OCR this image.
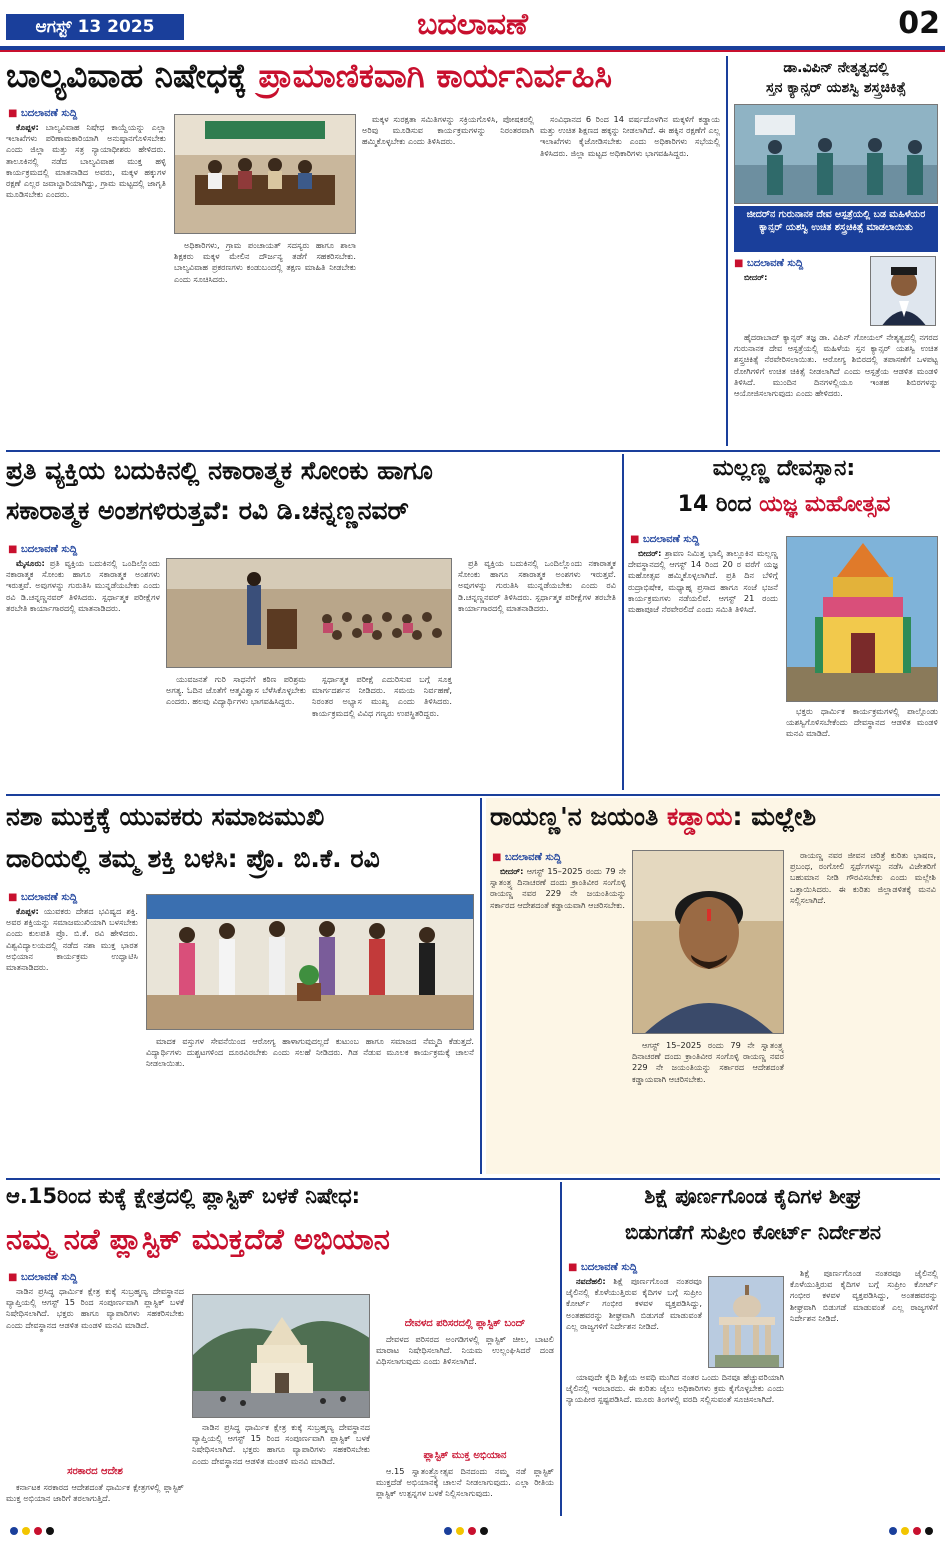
ಆಗಸ್ಟ್ 13 2025	ಬದಲಾವಣೆ	02
ಬಾಲ್ಯವಿವಾಹ ನಿಷೇಧಕ್ಕೆ ಪ್ರಾಮಾಣಿಕವಾಗಿ ಕಾರ್ಯನಿರ್ವಹಿಸಿ
■ ಬದಲಾವಣೆ ಸುದ್ದಿ

ಕೊಪ್ಪಳ: ಬಾಲ್ಯವಿವಾಹ ನಿಷೇಧ ಕಾಯ್ದೆಯನ್ನು ಎಲ್ಲಾ ಇಲಾಖೆಗಳು ಪರಿಣಾಮಕಾರಿಯಾಗಿ ಅನುಷ್ಠಾನಗೊಳಿಸಬೇಕು ಎಂದು ಜಿಲ್ಲಾ ಮತ್ತು ಸತ್ರ ನ್ಯಾಯಾಧೀಶರು ಹೇಳಿದರು. ತಾಲೂಕಿನಲ್ಲಿ ನಡೆದ ಬಾಲ್ಯವಿವಾಹ ಮುಕ್ತ ಹಳ್ಳಿ ಕಾರ್ಯಕ್ರಮದಲ್ಲಿ ಮಾತನಾಡಿದ ಅವರು, ಮಕ್ಕಳ ಹಕ್ಕುಗಳ ರಕ್ಷಣೆ ಎಲ್ಲರ ಜವಾಬ್ದಾರಿಯಾಗಿದ್ದು, ಗ್ರಾಮ ಮಟ್ಟದಲ್ಲಿ ಜಾಗೃತಿ ಮೂಡಿಸಬೇಕು ಎಂದರು.

ಅಧಿಕಾರಿಗಳು, ಗ್ರಾಮ ಪಂಚಾಯತ್ ಸದಸ್ಯರು ಹಾಗೂ ಶಾಲಾ ಶಿಕ್ಷಕರು ಮಕ್ಕಳ ಮೇಲಿನ ದೌರ್ಜನ್ಯ ತಡೆಗೆ ಸಹಕರಿಸಬೇಕು. ಬಾಲ್ಯವಿವಾಹ ಪ್ರಕರಣಗಳು ಕಂಡುಬಂದಲ್ಲಿ ತಕ್ಷಣ ಮಾಹಿತಿ ನೀಡಬೇಕು ಎಂದು ಸೂಚಿಸಿದರು.

ಮಕ್ಕಳ ಸುರಕ್ಷತಾ ಸಮಿತಿಗಳನ್ನು ಸಕ್ರಿಯಗೊಳಿಸಿ, ಪೋಷಕರಲ್ಲಿ ಅರಿವು ಮೂಡಿಸುವ ಕಾರ್ಯಕ್ರಮಗಳನ್ನು ನಿರಂತರವಾಗಿ ಹಮ್ಮಿಕೊಳ್ಳಬೇಕು ಎಂದು ತಿಳಿಸಿದರು.

ಸಂವಿಧಾನದ 6 ರಿಂದ 14 ವರ್ಷದೊಳಗಿನ ಮಕ್ಕಳಿಗೆ ಕಡ್ಡಾಯ ಮತ್ತು ಉಚಿತ ಶಿಕ್ಷಣದ ಹಕ್ಕನ್ನು ನೀಡಲಾಗಿದೆ. ಈ ಹಕ್ಕಿನ ರಕ್ಷಣೆಗೆ ಎಲ್ಲ ಇಲಾಖೆಗಳು ಕೈಜೋಡಿಸಬೇಕು ಎಂದು ಅಧಿಕಾರಿಗಳು ಸಭೆಯಲ್ಲಿ ತಿಳಿಸಿದರು. ಜಿಲ್ಲಾ ಮಟ್ಟದ ಅಧಿಕಾರಿಗಳು ಭಾಗವಹಿಸಿದ್ದರು.

ಡಾ.ವಿಪಿನ್ ನೇತೃತ್ವದಲ್ಲಿ
ಸ್ತನ ಕ್ಯಾನ್ಸರ್ ಯಶಸ್ವಿ ಶಸ್ತ್ರಚಿಕಿತ್ಸೆ
ಜೀದರ್‌ನ ಗುರುನಾನಕ ದೇವ ಆಸ್ಪತ್ರೆಯಲ್ಲಿ ಬಡ ಮಹಿಳೆಯರ ಕ್ಯಾನ್ಸರ್ ಯಶಸ್ವಿ ಉಚಿತ ಶಸ್ತ್ರಚಿಕಿತ್ಸೆ ಮಾಡಲಾಯಿತು
■ ಬದಲಾವಣೆ ಸುದ್ದಿ

ಬೀದರ್:

ಹೈದರಾಬಾದ್ ಕ್ಯಾನ್ಸರ್ ತಜ್ಞ ಡಾ. ವಿಪಿನ್ ಗೋಯಲ್ ನೇತೃತ್ವದಲ್ಲಿ ನಗರದ ಗುರುನಾನಕ ದೇವ ಆಸ್ಪತ್ರೆಯಲ್ಲಿ ಮಹಿಳೆಯ ಸ್ತನ ಕ್ಯಾನ್ಸರ್ ಯಶಸ್ವಿ ಉಚಿತ ಶಸ್ತ್ರಚಿಕಿತ್ಸೆ ನೆರವೇರಿಸಲಾಯಿತು. ಆರೋಗ್ಯ ಶಿಬಿರದಲ್ಲಿ ತಪಾಸಣೆಗೆ ಒಳಪಟ್ಟ ರೋಗಿಗಳಿಗೆ ಉಚಿತ ಚಿಕಿತ್ಸೆ ನೀಡಲಾಗಿದೆ ಎಂದು ಆಸ್ಪತ್ರೆಯ ಆಡಳಿತ ಮಂಡಳಿ ತಿಳಿಸಿದೆ. ಮುಂದಿನ ದಿನಗಳಲ್ಲಿಯೂ ಇಂತಹ ಶಿಬಿರಗಳನ್ನು ಆಯೋಜಿಸಲಾಗುವುದು ಎಂದು ಹೇಳಿದರು.

ಪ್ರತಿ ವ್ಯಕ್ತಿಯ ಬದುಕಿನಲ್ಲಿ ನಕಾರಾತ್ಮಕ ಸೋಂಕು ಹಾಗೂ
ಸಕಾರಾತ್ಮಕ ಅಂಶಗಳಿರುತ್ತವೆ: ರವಿ ಡಿ.ಚನ್ನಣ್ಣನವರ್
■ ಬದಲಾವಣೆ ಸುದ್ದಿ

ಮೈಸೂರು: ಪ್ರತಿ ವ್ಯಕ್ತಿಯ ಬದುಕಿನಲ್ಲಿ ಒಂದಿಲ್ಲೊಂದು ನಕಾರಾತ್ಮಕ ಸೋಂಕು ಹಾಗೂ ಸಕಾರಾತ್ಮಕ ಅಂಶಗಳು ಇರುತ್ತವೆ. ಅವುಗಳನ್ನು ಗುರುತಿಸಿ ಮುನ್ನಡೆಯಬೇಕು ಎಂದು ರವಿ ಡಿ.ಚನ್ನಣ್ಣನವರ್ ತಿಳಿಸಿದರು. ಸ್ಪರ್ಧಾತ್ಮಕ ಪರೀಕ್ಷೆಗಳ ತರಬೇತಿ ಕಾರ್ಯಾಗಾರದಲ್ಲಿ ಮಾತನಾಡಿದರು.

ಯುವಜನತೆ ಗುರಿ ಸಾಧನೆಗೆ ಕಠಿಣ ಪರಿಶ್ರಮ ಅಗತ್ಯ. ಓದಿನ ಜೊತೆಗೆ ಆತ್ಮವಿಶ್ವಾಸ ಬೆಳೆಸಿಕೊಳ್ಳಬೇಕು ಎಂದರು. ಹಲವು ವಿದ್ಯಾರ್ಥಿಗಳು ಭಾಗವಹಿಸಿದ್ದರು.

ಸ್ಪರ್ಧಾತ್ಮಕ ಪರೀಕ್ಷೆ ಎದುರಿಸುವ ಬಗ್ಗೆ ಸೂಕ್ತ ಮಾರ್ಗದರ್ಶನ ನೀಡಿದರು. ಸಮಯ ನಿರ್ವಹಣೆ, ನಿರಂತರ ಅಭ್ಯಾಸ ಮುಖ್ಯ ಎಂದು ತಿಳಿಸಿದರು. ಕಾರ್ಯಕ್ರಮದಲ್ಲಿ ವಿವಿಧ ಗಣ್ಯರು ಉಪಸ್ಥಿತರಿದ್ದರು.

ಪ್ರತಿ ವ್ಯಕ್ತಿಯ ಬದುಕಿನಲ್ಲಿ ಒಂದಿಲ್ಲೊಂದು ನಕಾರಾತ್ಮಕ ಸೋಂಕು ಹಾಗೂ ಸಕಾರಾತ್ಮಕ ಅಂಶಗಳು ಇರುತ್ತವೆ. ಅವುಗಳನ್ನು ಗುರುತಿಸಿ ಮುನ್ನಡೆಯಬೇಕು ಎಂದು ರವಿ ಡಿ.ಚನ್ನಣ್ಣನವರ್ ತಿಳಿಸಿದರು. ಸ್ಪರ್ಧಾತ್ಮಕ ಪರೀಕ್ಷೆಗಳ ತರಬೇತಿ ಕಾರ್ಯಾಗಾರದಲ್ಲಿ ಮಾತನಾಡಿದರು.

ಮಲ್ಲಣ್ಣ ದೇವಸ್ಥಾನ:
14 ರಿಂದ ಯಜ್ಞ ಮಹೋತ್ಸವ
■ ಬದಲಾವಣೆ ಸುದ್ದಿ

ಬೀದರ್: ಶ್ರಾವಣ ನಿಮಿತ್ತ ಭಾಲ್ಕಿ ತಾಲ್ಲೂಕಿನ ಮಲ್ಲಣ್ಣ ದೇವಸ್ಥಾನದಲ್ಲಿ ಆಗಸ್ಟ್ 14 ರಿಂದ 20 ರ ವರೆಗೆ ಯಜ್ಞ ಮಹೋತ್ಸವ ಹಮ್ಮಿಕೊಳ್ಳಲಾಗಿದೆ. ಪ್ರತಿ ದಿನ ಬೆಳಿಗ್ಗೆ ರುದ್ರಾಭಿಷೇಕ, ಮಧ್ಯಾಹ್ನ ಪ್ರಸಾದ ಹಾಗೂ ಸಂಜೆ ಭಜನೆ ಕಾರ್ಯಕ್ರಮಗಳು ನಡೆಯಲಿವೆ. ಆಗಸ್ಟ್ 21 ರಂದು ಮಹಾಪೂಜೆ ನೆರವೇರಲಿದೆ ಎಂದು ಸಮಿತಿ ತಿಳಿಸಿದೆ.

ಭಕ್ತರು ಧಾರ್ಮಿಕ ಕಾರ್ಯಕ್ರಮಗಳಲ್ಲಿ ಪಾಲ್ಗೊಂಡು ಯಶಸ್ವಿಗೊಳಿಸಬೇಕೆಂದು ದೇವಸ್ಥಾನದ ಆಡಳಿತ ಮಂಡಳಿ ಮನವಿ ಮಾಡಿದೆ.

ನಶಾ ಮುಕ್ತಕ್ಕೆ ಯುವಕರು ಸಮಾಜಮುಖಿ
ದಾರಿಯಲ್ಲಿ ತಮ್ಮ ಶಕ್ತಿ ಬಳಸಿ: ಪ್ರೊ. ಬಿ.ಕೆ. ರವಿ
■ ಬದಲಾವಣೆ ಸುದ್ದಿ

ಕೊಪ್ಪಳ: ಯುವಕರು ದೇಶದ ಭವಿಷ್ಯದ ಶಕ್ತಿ. ಅವರ ಶಕ್ತಿಯನ್ನು ಸಮಾಜಮುಖಿಯಾಗಿ ಬಳಸಬೇಕು ಎಂದು ಕುಲಪತಿ ಪ್ರೊ. ಬಿ.ಕೆ. ರವಿ ಹೇಳಿದರು. ವಿಶ್ವವಿದ್ಯಾಲಯದಲ್ಲಿ ನಡೆದ ನಶಾ ಮುಕ್ತ ಭಾರತ ಅಭಿಯಾನ ಕಾರ್ಯಕ್ರಮ ಉದ್ಘಾಟಿಸಿ ಮಾತನಾಡಿದರು.

ಮಾದಕ ವಸ್ತುಗಳ ಸೇವನೆಯಿಂದ ಆರೋಗ್ಯ ಹಾಳಾಗುವುದಲ್ಲದೆ ಕುಟುಂಬ ಹಾಗೂ ಸಮಾಜದ ನೆಮ್ಮದಿ ಕೆಡುತ್ತದೆ. ವಿದ್ಯಾರ್ಥಿಗಳು ದುಶ್ಚಟಗಳಿಂದ ದೂರವಿರಬೇಕು ಎಂದು ಸಲಹೆ ನೀಡಿದರು. ಗಿಡ ನೆಡುವ ಮೂಲಕ ಕಾರ್ಯಕ್ರಮಕ್ಕೆ ಚಾಲನೆ ನೀಡಲಾಯಿತು.

ರಾಯಣ್ಣ'ನ ಜಯಂತಿ ಕಡ್ಡಾಯ: ಮಲ್ಲೇಶಿ
■ ಬದಲಾವಣೆ ಸುದ್ದಿ

ಬೀದರ್: ಆಗಸ್ಟ್ 15–2025 ರಂದು 79 ನೇ ಸ್ವಾತಂತ್ರ್ಯ ದಿನಾಚರಣೆ ದಂದು ಕ್ರಾಂತಿವೀರ ಸಂಗೊಳ್ಳಿ ರಾಯಣ್ಣ ನವರ 229 ನೇ ಜಯಂತಿಯನ್ನು ಸರ್ಕಾರದ ಆದೇಶದಂತೆ ಕಡ್ಡಾಯವಾಗಿ ಆಚರಿಸಬೇಕು.

ಆಗಸ್ಟ್ 15–2025 ರಂದು 79 ನೇ ಸ್ವಾತಂತ್ರ್ಯ ದಿನಾಚರಣೆ ದಂದು ಕ್ರಾಂತಿವೀರ ಸಂಗೊಳ್ಳಿ ರಾಯಣ್ಣ ನವರ 229 ನೇ ಜಯಂತಿಯನ್ನು ಸರ್ಕಾರದ ಆದೇಶದಂತೆ ಕಡ್ಡಾಯವಾಗಿ ಆಚರಿಸಬೇಕು.

ರಾಯಣ್ಣ ನವರ ಜೀವನ ಚರಿತ್ರೆ ಕುರಿತು ಭಾಷಣ, ಪ್ರಬಂಧ, ರಂಗೋಲಿ ಸ್ಪರ್ಧೆಗಳನ್ನು ನಡೆಸಿ ವಿಜೇತರಿಗೆ ಬಹುಮಾನ ನೀಡಿ ಗೌರವಿಸಬೇಕು ಎಂದು ಮಲ್ಲೇಶಿ ಒತ್ತಾಯಿಸಿದರು. ಈ ಕುರಿತು ಜಿಲ್ಲಾಡಳಿತಕ್ಕೆ ಮನವಿ ಸಲ್ಲಿಸಲಾಗಿದೆ.

ಆ.15ರಿಂದ ಕುಕ್ಕೆ ಕ್ಷೇತ್ರದಲ್ಲಿ ಪ್ಲಾಸ್ಟಿಕ್ ಬಳಕೆ ನಿಷೇಧ:
ನಮ್ಮ ನಡೆ ಪ್ಲಾಸ್ಟಿಕ್ ಮುಕ್ತದೆಡೆ ಅಭಿಯಾನ
■ ಬದಲಾವಣೆ ಸುದ್ದಿ

ನಾಡಿನ ಪ್ರಸಿದ್ಧ ಧಾರ್ಮಿಕ ಕ್ಷೇತ್ರ ಕುಕ್ಕೆ ಸುಬ್ರಹ್ಮಣ್ಯ ದೇವಸ್ಥಾನದ ವ್ಯಾಪ್ತಿಯಲ್ಲಿ ಆಗಸ್ಟ್ 15 ರಿಂದ ಸಂಪೂರ್ಣವಾಗಿ ಪ್ಲಾಸ್ಟಿಕ್ ಬಳಕೆ ನಿಷೇಧಿಸಲಾಗಿದೆ. ಭಕ್ತರು ಹಾಗೂ ವ್ಯಾಪಾರಿಗಳು ಸಹಕರಿಸಬೇಕು ಎಂದು ದೇವಸ್ಥಾನದ ಆಡಳಿತ ಮಂಡಳಿ ಮನವಿ ಮಾಡಿದೆ.

ಸರಕಾರದ ಆದೇಶ

ಕರ್ನಾಟಕ ಸರಕಾರದ ಆದೇಶದಂತೆ ಧಾರ್ಮಿಕ ಕ್ಷೇತ್ರಗಳಲ್ಲಿ ಪ್ಲಾಸ್ಟಿಕ್ ಮುಕ್ತ ಅಭಿಯಾನ ಜಾರಿಗೆ ತರಲಾಗುತ್ತಿದೆ.

ನಾಡಿನ ಪ್ರಸಿದ್ಧ ಧಾರ್ಮಿಕ ಕ್ಷೇತ್ರ ಕುಕ್ಕೆ ಸುಬ್ರಹ್ಮಣ್ಯ ದೇವಸ್ಥಾನದ ವ್ಯಾಪ್ತಿಯಲ್ಲಿ ಆಗಸ್ಟ್ 15 ರಿಂದ ಸಂಪೂರ್ಣವಾಗಿ ಪ್ಲಾಸ್ಟಿಕ್ ಬಳಕೆ ನಿಷೇಧಿಸಲಾಗಿದೆ. ಭಕ್ತರು ಹಾಗೂ ವ್ಯಾಪಾರಿಗಳು ಸಹಕರಿಸಬೇಕು ಎಂದು ದೇವಸ್ಥಾನದ ಆಡಳಿತ ಮಂಡಳಿ ಮನವಿ ಮಾಡಿದೆ.

ದೇವಳದ ಪರಿಸರದಲ್ಲಿ ಪ್ಲಾಸ್ಟಿಕ್ ಬಂದ್

ದೇವಳದ ಪರಿಸರದ ಅಂಗಡಿಗಳಲ್ಲಿ ಪ್ಲಾಸ್ಟಿಕ್ ಚೀಲ, ಬಾಟಲಿ ಮಾರಾಟ ನಿಷೇಧಿಸಲಾಗಿದೆ. ನಿಯಮ ಉಲ್ಲಂಘಿಸಿದರೆ ದಂಡ ವಿಧಿಸಲಾಗುವುದು ಎಂದು ತಿಳಿಸಲಾಗಿದೆ.

ಪ್ಲಾಸ್ಟಿಕ್ ಮುಕ್ತ ಅಭಿಯಾನ

ಆ.15 ಸ್ವಾತಂತ್ರ್ಯೋತ್ಸವ ದಿನದಂದು ನಮ್ಮ ನಡೆ ಪ್ಲಾಸ್ಟಿಕ್ ಮುಕ್ತದೆಡೆ ಅಭಿಯಾನಕ್ಕೆ ಚಾಲನೆ ನೀಡಲಾಗುವುದು. ಎಲ್ಲಾ ರೀತಿಯ ಪ್ಲಾಸ್ಟಿಕ್ ಉತ್ಪನ್ನಗಳ ಬಳಕೆ ನಿಲ್ಲಿಸಲಾಗುವುದು.

ಶಿಕ್ಷೆ ಪೂರ್ಣಗೊಂಡ ಕೈದಿಗಳ ಶೀಘ್ರ
ಬಿಡುಗಡೆಗೆ ಸುಪ್ರೀಂ ಕೋರ್ಟ್ ನಿರ್ದೇಶನ
■ ಬದಲಾವಣೆ ಸುದ್ದಿ

ನವದೆಹಲಿ: ಶಿಕ್ಷೆ ಪೂರ್ಣಗೊಂಡ ನಂತರವೂ ಜೈಲಿನಲ್ಲಿ ಕೊಳೆಯುತ್ತಿರುವ ಕೈದಿಗಳ ಬಗ್ಗೆ ಸುಪ್ರೀಂ ಕೋರ್ಟ್ ಗಂಭೀರ ಕಳವಳ ವ್ಯಕ್ತಪಡಿಸಿದ್ದು, ಅಂತಹವರನ್ನು ಶೀಘ್ರವಾಗಿ ಬಿಡುಗಡೆ ಮಾಡುವಂತೆ ಎಲ್ಲ ರಾಜ್ಯಗಳಿಗೆ ನಿರ್ದೇಶನ ನೀಡಿದೆ.

ಯಾವುದೇ ಕೈದಿ ಶಿಕ್ಷೆಯ ಅವಧಿ ಮುಗಿದ ನಂತರ ಒಂದು ದಿನವೂ ಹೆಚ್ಚುವರಿಯಾಗಿ ಜೈಲಿನಲ್ಲಿ ಇರಬಾರದು. ಈ ಕುರಿತು ಜೈಲು ಅಧಿಕಾರಿಗಳು ಕ್ರಮ ಕೈಗೊಳ್ಳಬೇಕು ಎಂದು ನ್ಯಾಯಪೀಠ ಸ್ಪಷ್ಟಪಡಿಸಿದೆ. ಮೂರು ತಿಂಗಳಲ್ಲಿ ವರದಿ ಸಲ್ಲಿಸುವಂತೆ ಸೂಚಿಸಲಾಗಿದೆ.

ಶಿಕ್ಷೆ ಪೂರ್ಣಗೊಂಡ ನಂತರವೂ ಜೈಲಿನಲ್ಲಿ ಕೊಳೆಯುತ್ತಿರುವ ಕೈದಿಗಳ ಬಗ್ಗೆ ಸುಪ್ರೀಂ ಕೋರ್ಟ್ ಗಂಭೀರ ಕಳವಳ ವ್ಯಕ್ತಪಡಿಸಿದ್ದು, ಅಂತಹವರನ್ನು ಶೀಘ್ರವಾಗಿ ಬಿಡುಗಡೆ ಮಾಡುವಂತೆ ಎಲ್ಲ ರಾಜ್ಯಗಳಿಗೆ ನಿರ್ದೇಶನ ನೀಡಿದೆ.
